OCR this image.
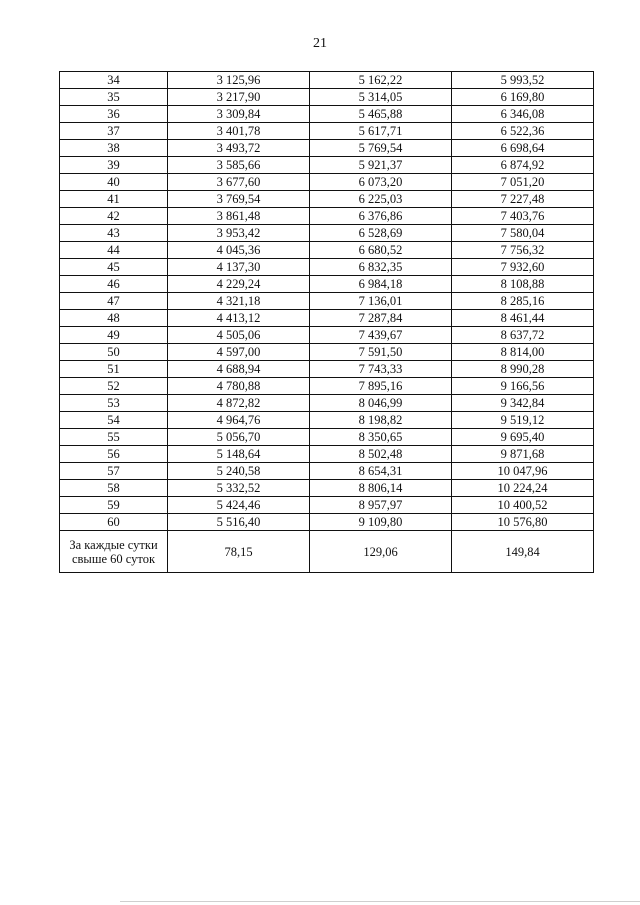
21
34	3 125,96	5 162,22	5 993,52
35	3 217,90	5 314,05	6 169,80
36	3 309,84	5 465,88	6 346,08
37	3 401,78	5 617,71	6 522,36
38	3 493,72	5 769,54	6 698,64
39	3 585,66	5 921,37	6 874,92
40	3 677,60	6 073,20	7 051,20
41	3 769,54	6 225,03	7 227,48
42	3 861,48	6 376,86	7 403,76
43	3 953,42	6 528,69	7 580,04
44	4 045,36	6 680,52	7 756,32
45	4 137,30	6 832,35	7 932,60
46	4 229,24	6 984,18	8 108,88
47	4 321,18	7 136,01	8 285,16
48	4 413,12	7 287,84	8 461,44
49	4 505,06	7 439,67	8 637,72
50	4 597,00	7 591,50	8 814,00
51	4 688,94	7 743,33	8 990,28
52	4 780,88	7 895,16	9 166,56
53	4 872,82	8 046,99	9 342,84
54	4 964,76	8 198,82	9 519,12
55	5 056,70	8 350,65	9 695,40
56	5 148,64	8 502,48	9 871,68
57	5 240,58	8 654,31	10 047,96
58	5 332,52	8 806,14	10 224,24
59	5 424,46	8 957,97	10 400,52
60	5 516,40	9 109,80	10 576,80

За каждые сутки
свыше 60 суток	78,15	129,06	149,84
